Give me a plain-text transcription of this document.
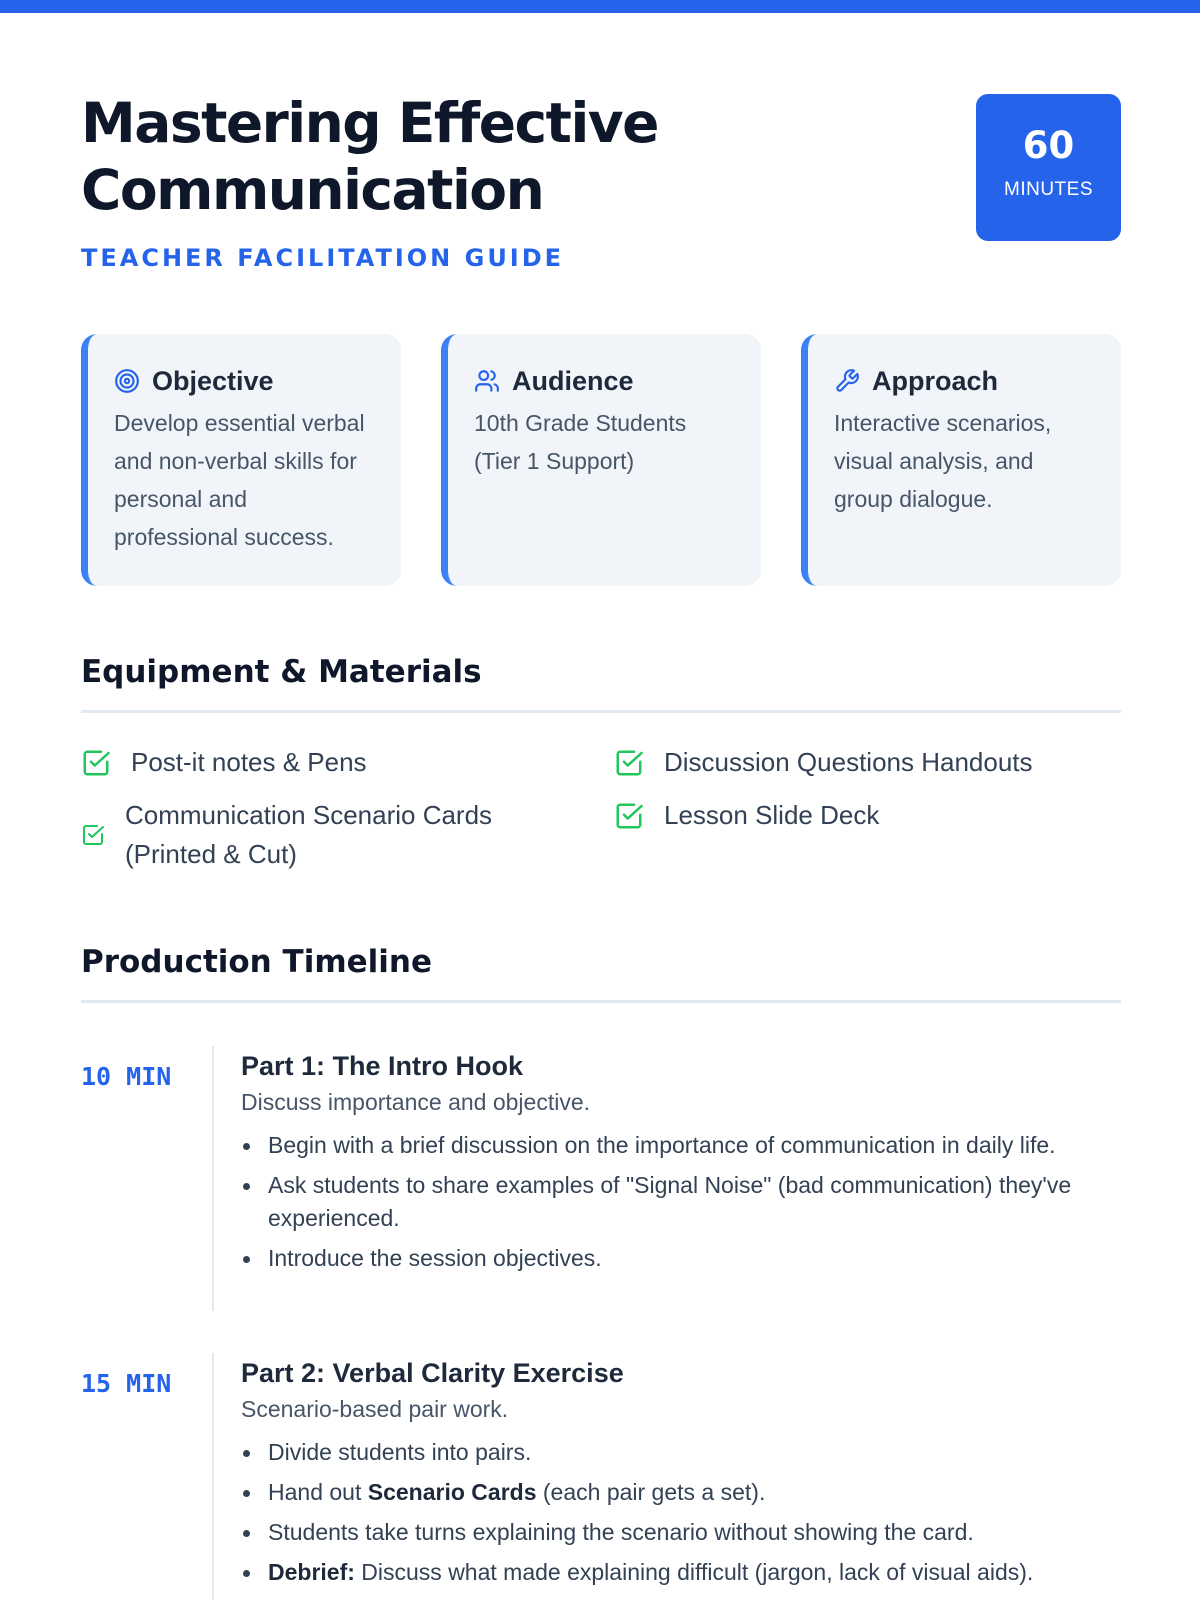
Mastering Effective Communication
TEACHER FACILITATION GUIDE
60
MINUTES
Objective

Develop essential verbal and non-verbal skills for personal and professional success.

Audience

10th Grade Students (Tier 1 Support)

Approach

Interactive scenarios, visual analysis, and group dialogue.

Equipment & Materials
Post-it notes & Pens	Discussion Questions Handouts
Communication Scenario Cards (Printed & Cut)
Lesson Slide Deck
Production Timeline
10 MIN	Part 1: The Intro Hook
Discuss importance and objective.
Begin with a brief discussion on the importance of communication in daily life.
Ask students to share examples of "Signal Noise" (bad communication) they've experienced.
Introduce the session objectives.
15 MIN	Part 2: Verbal Clarity Exercise
Scenario-based pair work.
Divide students into pairs.
Hand out Scenario Cards (each pair gets a set).
Students take turns explaining the scenario without showing the card.
Debrief: Discuss what made explaining difficult (jargon, lack of visual aids).
